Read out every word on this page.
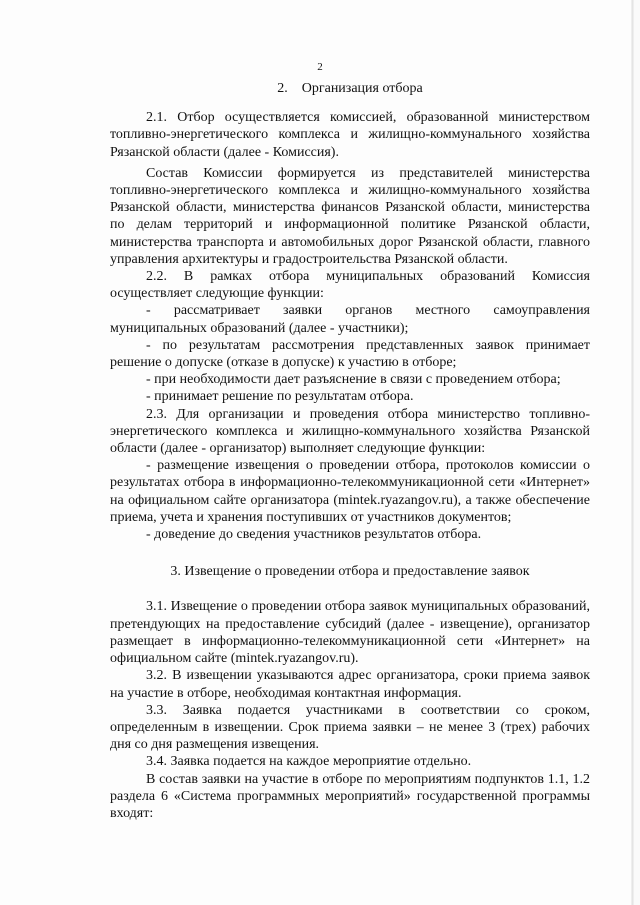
2
2. Организация отбора

2.1. Отбор осуществляется комиссией, образованной министерством топливно-энергетического комплекса и жилищно-коммунального хозяйства Рязанской области (далее - Комиссия).

Состав Комиссии формируется из представителей министерства топливно-энергетического комплекса и жилищно-коммунального хозяйства Рязанской области, министерства финансов Рязанской области, министерства по делам территорий и информационной политике Рязанской области, министерства транспорта и автомобильных дорог Рязанской области, главного управления архитектуры и градостроительства Рязанской области.

2.2. В рамках отбора муниципальных образований Комиссия осуществляет следующие функции:

- рассматривает заявки органов местного самоуправления муниципальных образований (далее - участники);

- по результатам рассмотрения представленных заявок принимает решение о допуске (отказе в допуске) к участию в отборе;

- при необходимости дает разъяснение в связи с проведением отбора;

- принимает решение по результатам отбора.

2.3. Для организации и проведения отбора министерство топливно-энергетического комплекса и жилищно-коммунального хозяйства Рязанской области (далее - организатор) выполняет следующие функции:

- размещение извещения о проведении отбора, протоколов комиссии о результатах отбора в информационно-телекоммуникационной сети «Интернет» на официальном сайте организатора (mintek.ryazangov.ru), а также обеспечение приема, учета и хранения поступивших от участников документов;

- доведение до сведения участников результатов отбора.

3. Извещение о проведении отбора и предоставление заявок

3.1. Извещение о проведении отбора заявок муниципальных образований, претендующих на предоставление субсидий (далее - извещение), организатор размещает в информационно-телекоммуникационной сети «Интернет» на официальном сайте (mintek.ryazangov.ru).

3.2. В извещении указываются адрес организатора, сроки приема заявок на участие в отборе, необходимая контактная информация.

3.3. Заявка подается участниками в соответствии со сроком, определенным в извещении. Срок приема заявки – не менее 3 (трех) рабочих дня со дня размещения извещения.

3.4. Заявка подается на каждое мероприятие отдельно.

В состав заявки на участие в отборе по мероприятиям подпунктов 1.1, 1.2 раздела 6 «Система программных мероприятий» государственной программы входят:
